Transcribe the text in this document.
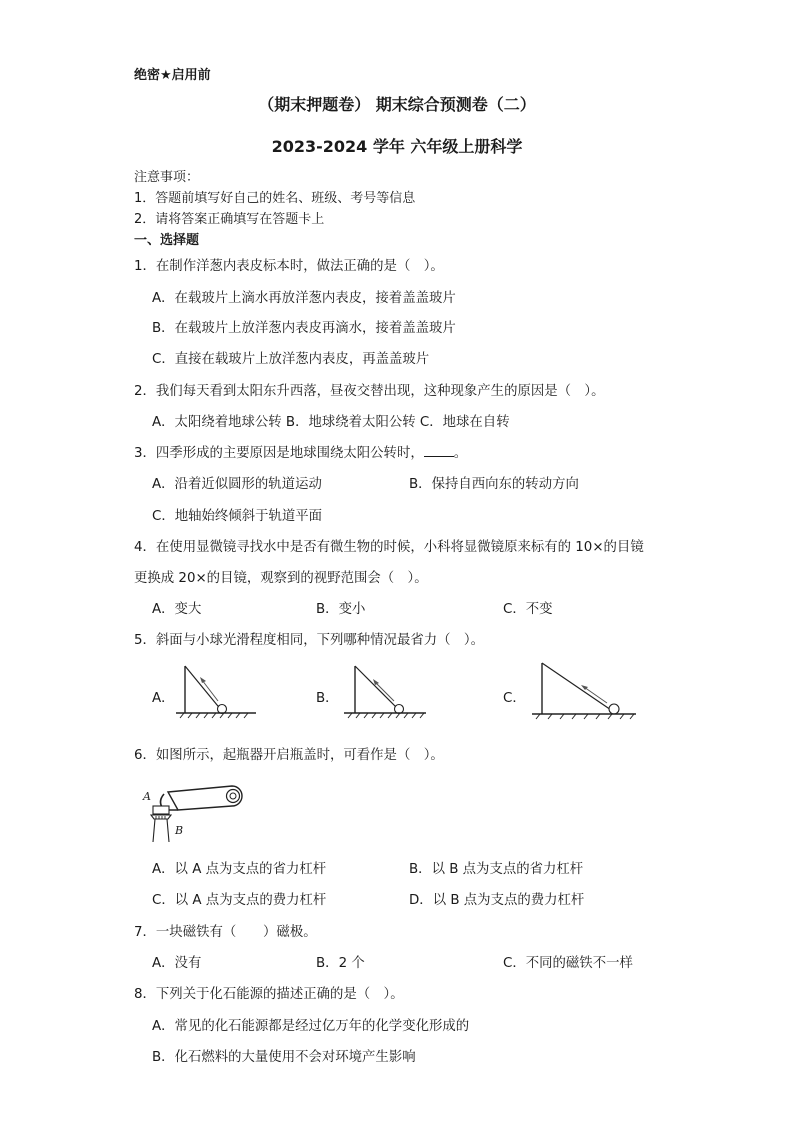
绝密★启用前
（期末押题卷） 期末综合预测卷（二）
2023-2024 学年 六年级上册科学
注意事项：
1．答题前填写好自己的姓名、班级、考号等信息
2．请将答案正确填写在答题卡上
一、选择题
1．在制作洋葱内表皮标本时，做法正确的是（　）。
A．在载玻片上滴水再放洋葱内表皮，接着盖盖玻片
B．在载玻片上放洋葱内表皮再滴水，接着盖盖玻片
C．直接在载玻片上放洋葱内表皮，再盖盖玻片
2．我们每天看到太阳东升西落，昼夜交替出现，这种现象产生的原因是（　）。
A．太阳绕着地球公转 B．地球绕着太阳公转 C．地球在自转
3．四季形成的主要原因是地球围绕太阳公转时， 。
A．沿着近似圆形的轨道运动	B．保持自西向东的转动方向
C．地轴始终倾斜于轨道平面
4．在使用显微镜寻找水中是否有微生物的时候，小科将显微镜原来标有的 10×的目镜
更换成 20×的目镜，观察到的视野范围会（　）。
A．变大	B．变小	C．不变
5．斜面与小球光滑程度相同，下列哪种情况最省力（　）。
A．	B．	C．
6．如图所示，起瓶器开启瓶盖时，可看作是（　）。
A
B
A．以 A 点为支点的省力杠杆	B．以 B 点为支点的省力杠杆
C．以 A 点为支点的费力杠杆	D．以 B 点为支点的费力杠杆
7．一块磁铁有（　　）磁极。
A．没有	B．2 个	C．不同的磁铁不一样
8．下列关于化石能源的描述正确的是（　）。
A．常见的化石能源都是经过亿万年的化学变化形成的
B．化石燃料的大量使用不会对环境产生影响
